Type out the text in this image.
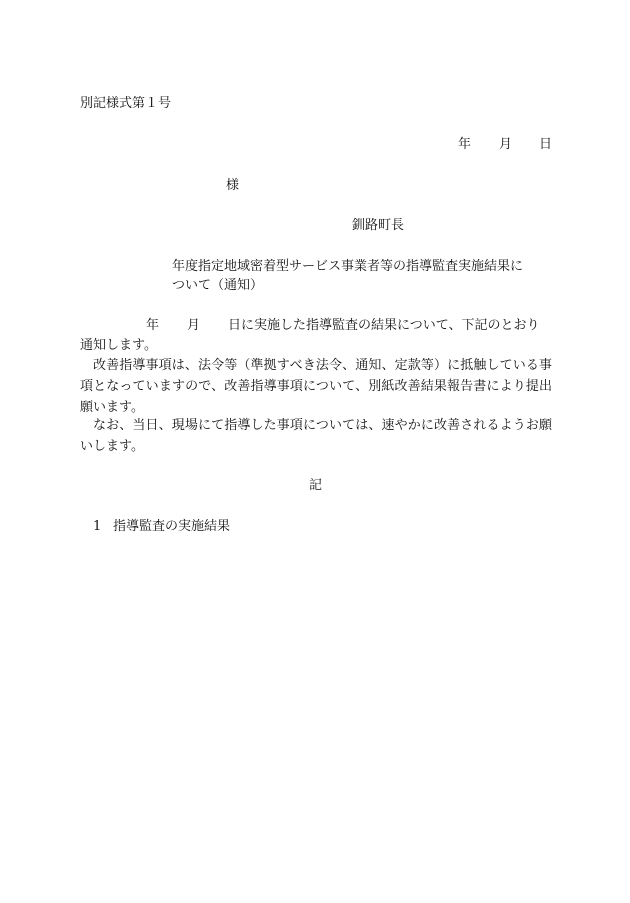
別記様式第１号
年 月 日
様
釧路町長
年度指定地域密着型サービス事業者等の指導監査実施結果に
ついて（通知）
年 月 日に実施した指導監査の結果について、下記のとおり
通知します。
改善指導事項は、法令等（準拠すべき法令、通知、定款等）に抵触している事項となっていますので、改善指導事項について、別紙改善結果報告書により提出願います。
なお、当日、現場にて指導した事項については、速やかに改善されるようお願いします。
記
1 指導監査の実施結果
